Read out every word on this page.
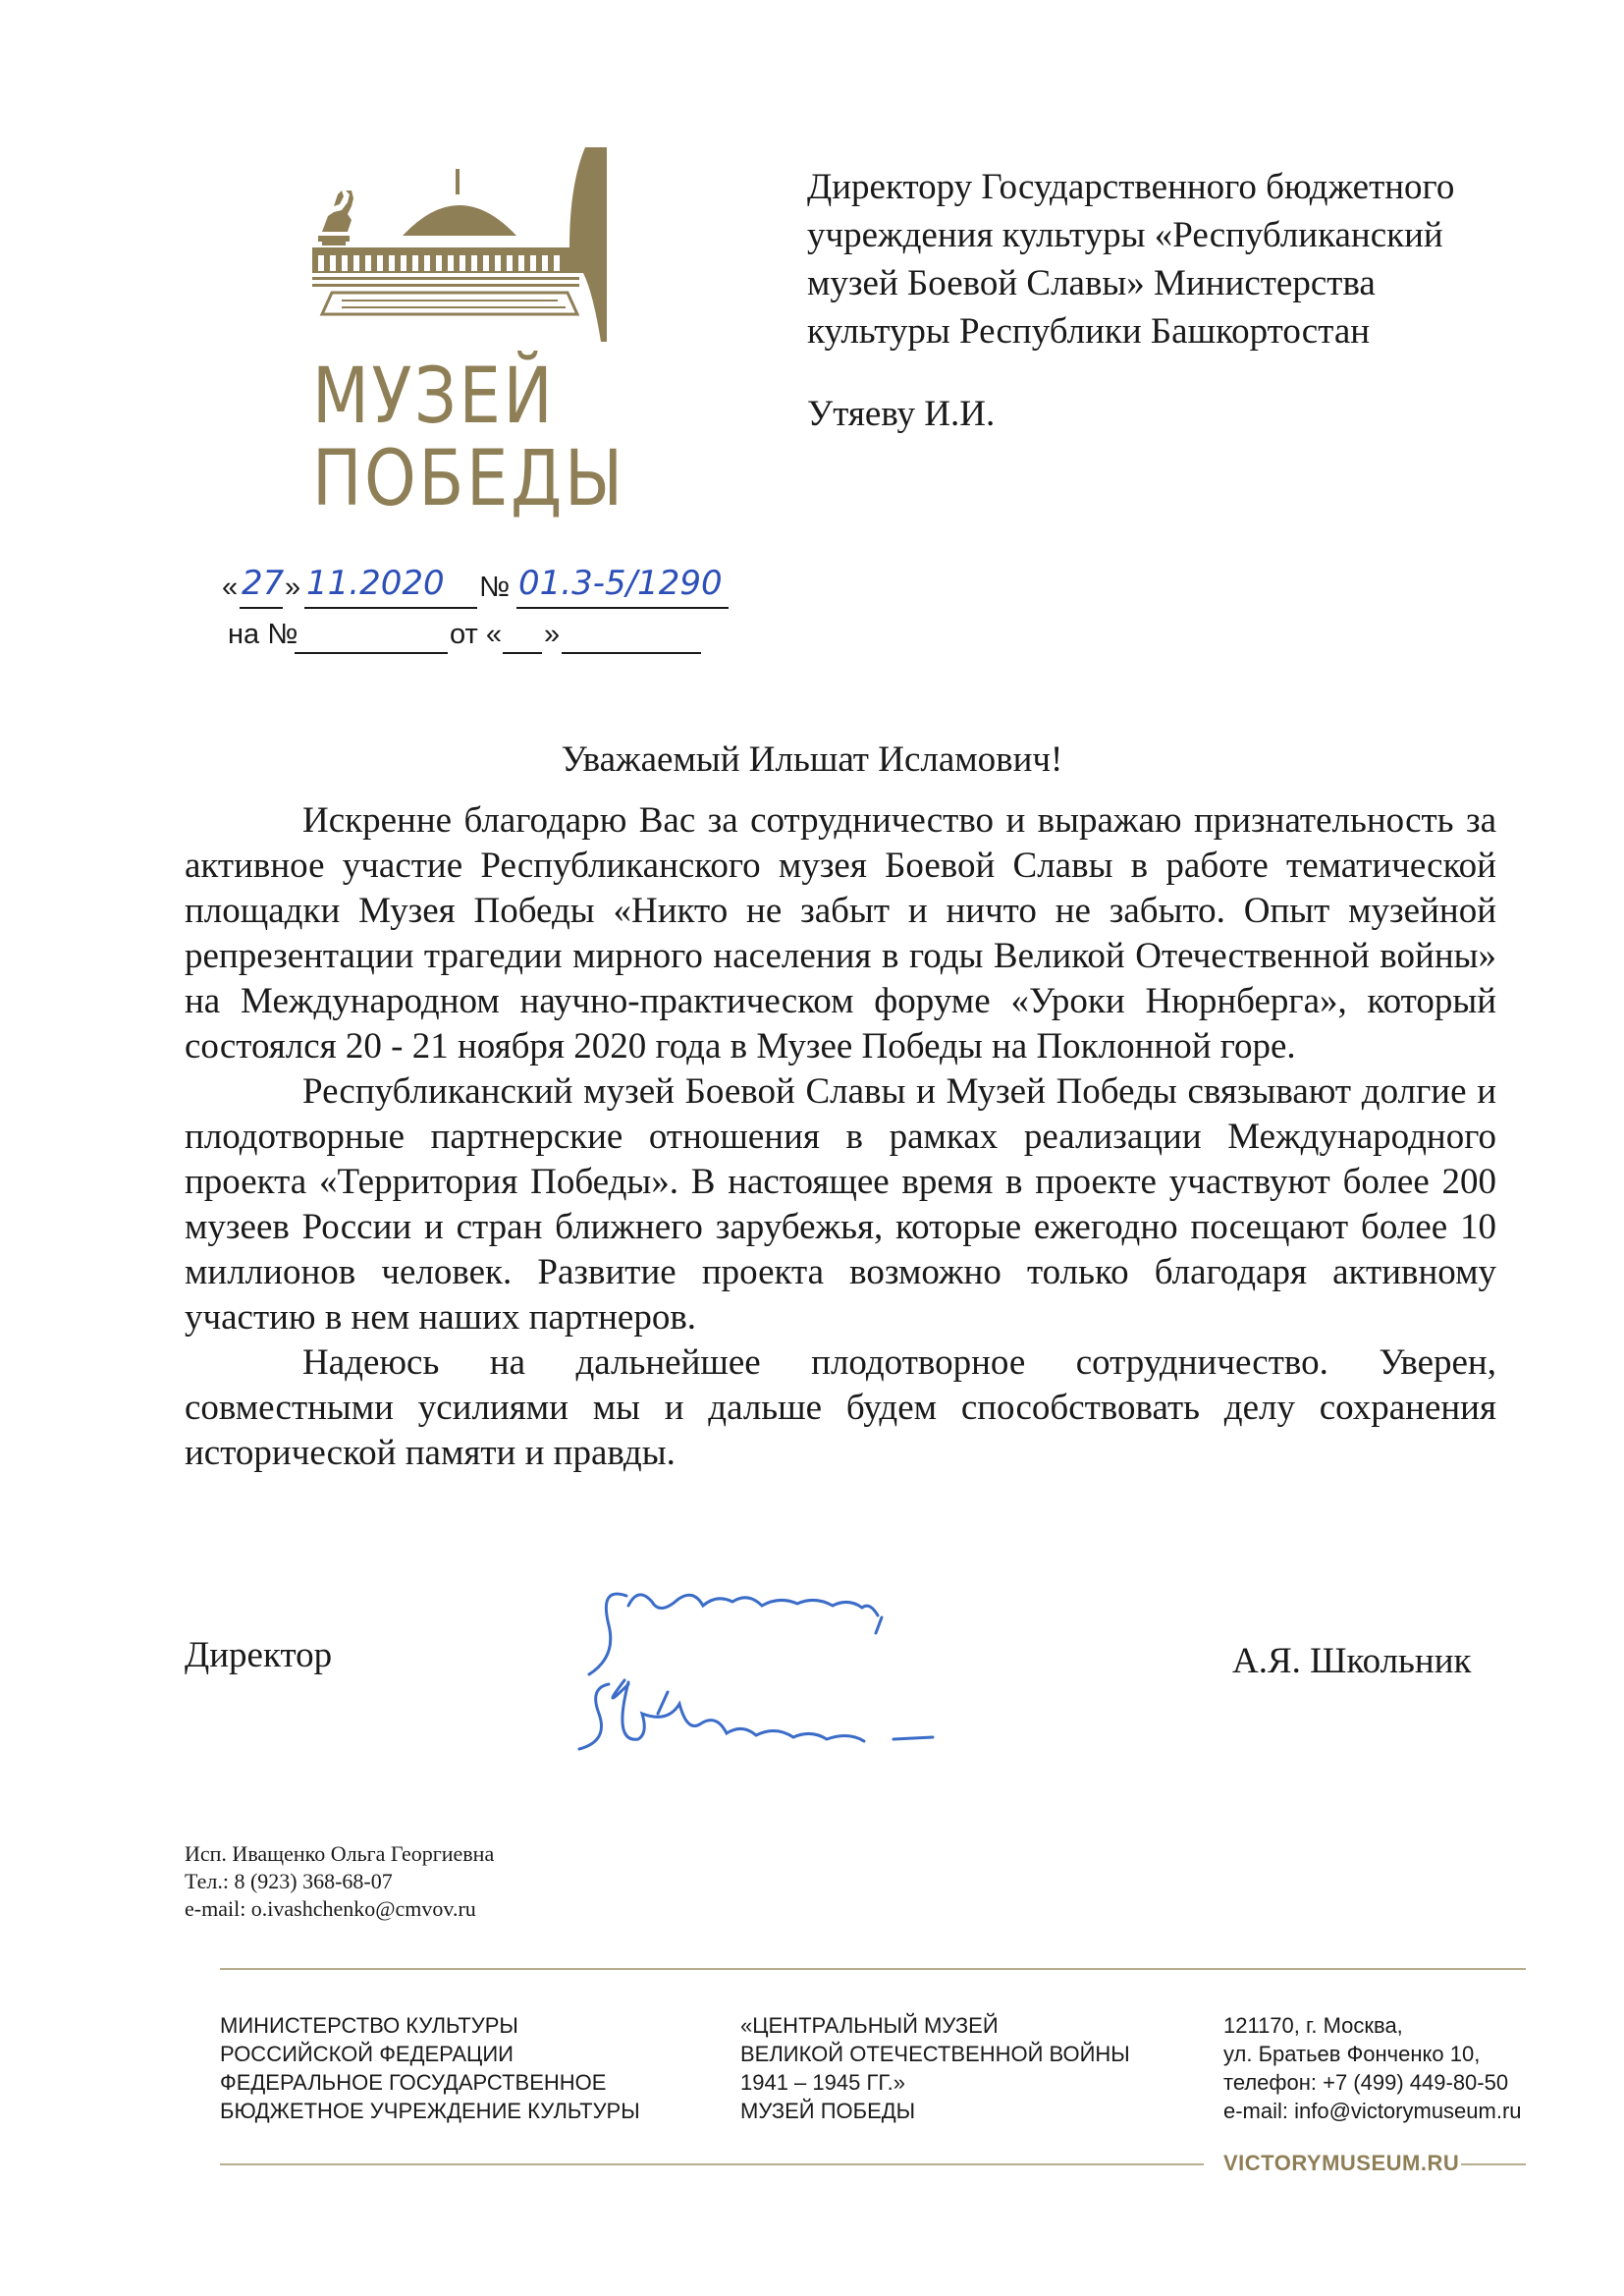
МУЗЕЙ
ПОБЕДЫ
Директору Государственного бюджетного
учреждения культуры «Республиканский
музей Боевой Славы» Министерства
культуры Республики Башкортостан
Утяеву И.И.
« 27 » 11.2020 № 01.3-5/1290
на №	от « »
Уважаемый Ильшат Исламович!

Искренне благодарю Вас за сотрудничество и выражаю признательность за активное участие Республиканского музея Боевой Славы в работе тематической площадки Музея Победы «Никто не забыт и ничто не забыто. Опыт музейной репрезентации трагедии мирного населения в годы Великой Отечественной войны» на Международном научно-практическом форуме «Уроки Нюрнберга», который состоялся 20 - 21 ноября 2020 года в Музее Победы на Поклонной горе.

Республиканский музей Боевой Славы и Музей Победы связывают долгие и плодотворные партнерские отношения в рамках реализации Международного проекта «Территория Победы». В настоящее время в проекте участвуют более 200 музеев России и стран ближнего зарубежья, которые ежегодно посещают более 10 миллионов человек. Развитие проекта возможно только благодаря активному участию в нем наших партнеров.

Надеюсь на дальнейшее плодотворное сотрудничество. Уверен, совместными усилиями мы и дальше будем способствовать делу сохранения исторической памяти и правды.

Директор	А.Я. Школьник
Исп. Иващенко Ольга Георгиевна
Тел.: 8 (923) 368-68-07
e-mail: o.ivashchenko@cmvov.ru
МИНИСТЕРСТВО КУЛЬТУРЫ
РОССИЙСКОЙ ФЕДЕРАЦИИ
ФЕДЕРАЛЬНОЕ ГОСУДАРСТВЕННОЕ
БЮДЖЕТНОЕ УЧРЕЖДЕНИЕ КУЛЬТУРЫ
«ЦЕНТРАЛЬНЫЙ МУЗЕЙ
ВЕЛИКОЙ ОТЕЧЕСТВЕННОЙ ВОЙНЫ
1941 – 1945 ГГ.»
МУЗЕЙ ПОБЕДЫ
121170, г. Москва,
ул. Братьев Фонченко 10,
телефон: +7 (499) 449-80-50
e-mail: info@victorymuseum.ru
VICTORYMUSEUM.RU
